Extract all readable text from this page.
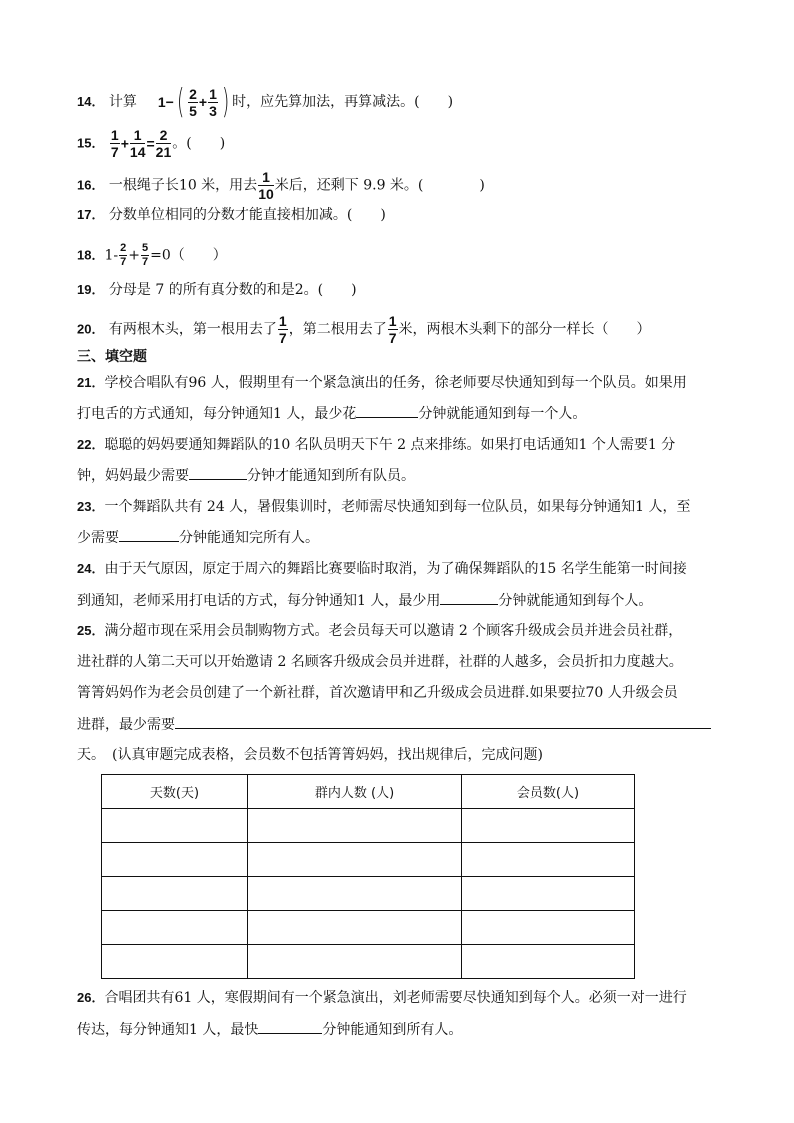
14． 计算 $1-( \frac{2}{5} + \frac{1}{3}$ ) 时，应先算加法，再算减法。(　　)
15． $\frac{1}{7} + \frac{1}{14} = \frac{2}{21}$ 。(　　)
16． 一根绳子长10 米，用去 $\frac{1}{10}$ 米后，还剩下 9.9 米。(　　　　)
17． 分数单位相同的分数才能直接相加减。(　　)
18．$1- \frac{2}{7} + \frac{5}{7} =0$（　　）
19． 分母是 7 的所有真分数的和是2。(　　)
20． 有两根木头，第一根用去了 $\frac{1}{7}$ ，第二根用去了 $\frac{1}{7}$ 米，两根木头剩下的部分一样长（　　）
三、填空题
21．学校合唱队有96 人，假期里有一个紧急演出的任务，徐老师要尽快通知到每一个队员。如果用
打电舌的方式通知，每分钟通知1 人，最少花	分钟就能通知到每一个人。
22．聪聪的妈妈要通知舞蹈队的10 名队员明天下午 2 点来排练。如果打电话通知1 个人需要1 分
钟，妈妈最少需要	分钟才能通知到所有队员。
23．一个舞蹈队共有 24 人，暑假集训时，老师需尽快通知到每一位队员，如果每分钟通知1 人，至
少需要	分钟能通知完所有人。
24．由于天气原因，原定于周六的舞蹈比赛要临时取消，为了确保舞蹈队的15 名学生能第一时间接
到通知，老师采用打电话的方式，每分钟通知1 人，最少用	分钟就能通知到每个人。
25．满分超市现在采用会员制购物方式。老会员每天可以邀请 2 个顾客升级成会员并进会员社群，
进社群的人第二天可以开始邀请 2 名顾客升级成会员并进群，社群的人越多，会员折扣力度越大。
箐箐妈妈作为老会员创建了一个新社群，首次邀请甲和乙升级成会员进群.如果要拉70 人升级会员
进群，最少需要
天。　(认真审题完成表格，会员数不包括箐箐妈妈，找出规律后，完成问题)
天数(天)	群内人数 (人)	会员数(人)

26．合唱团共有61 人，寒假期间有一个紧急演出，刘老师需要尽快通知到每个人。必须一对一进行
传达，每分钟通知1 人，最快	分钟能通知到所有人。
